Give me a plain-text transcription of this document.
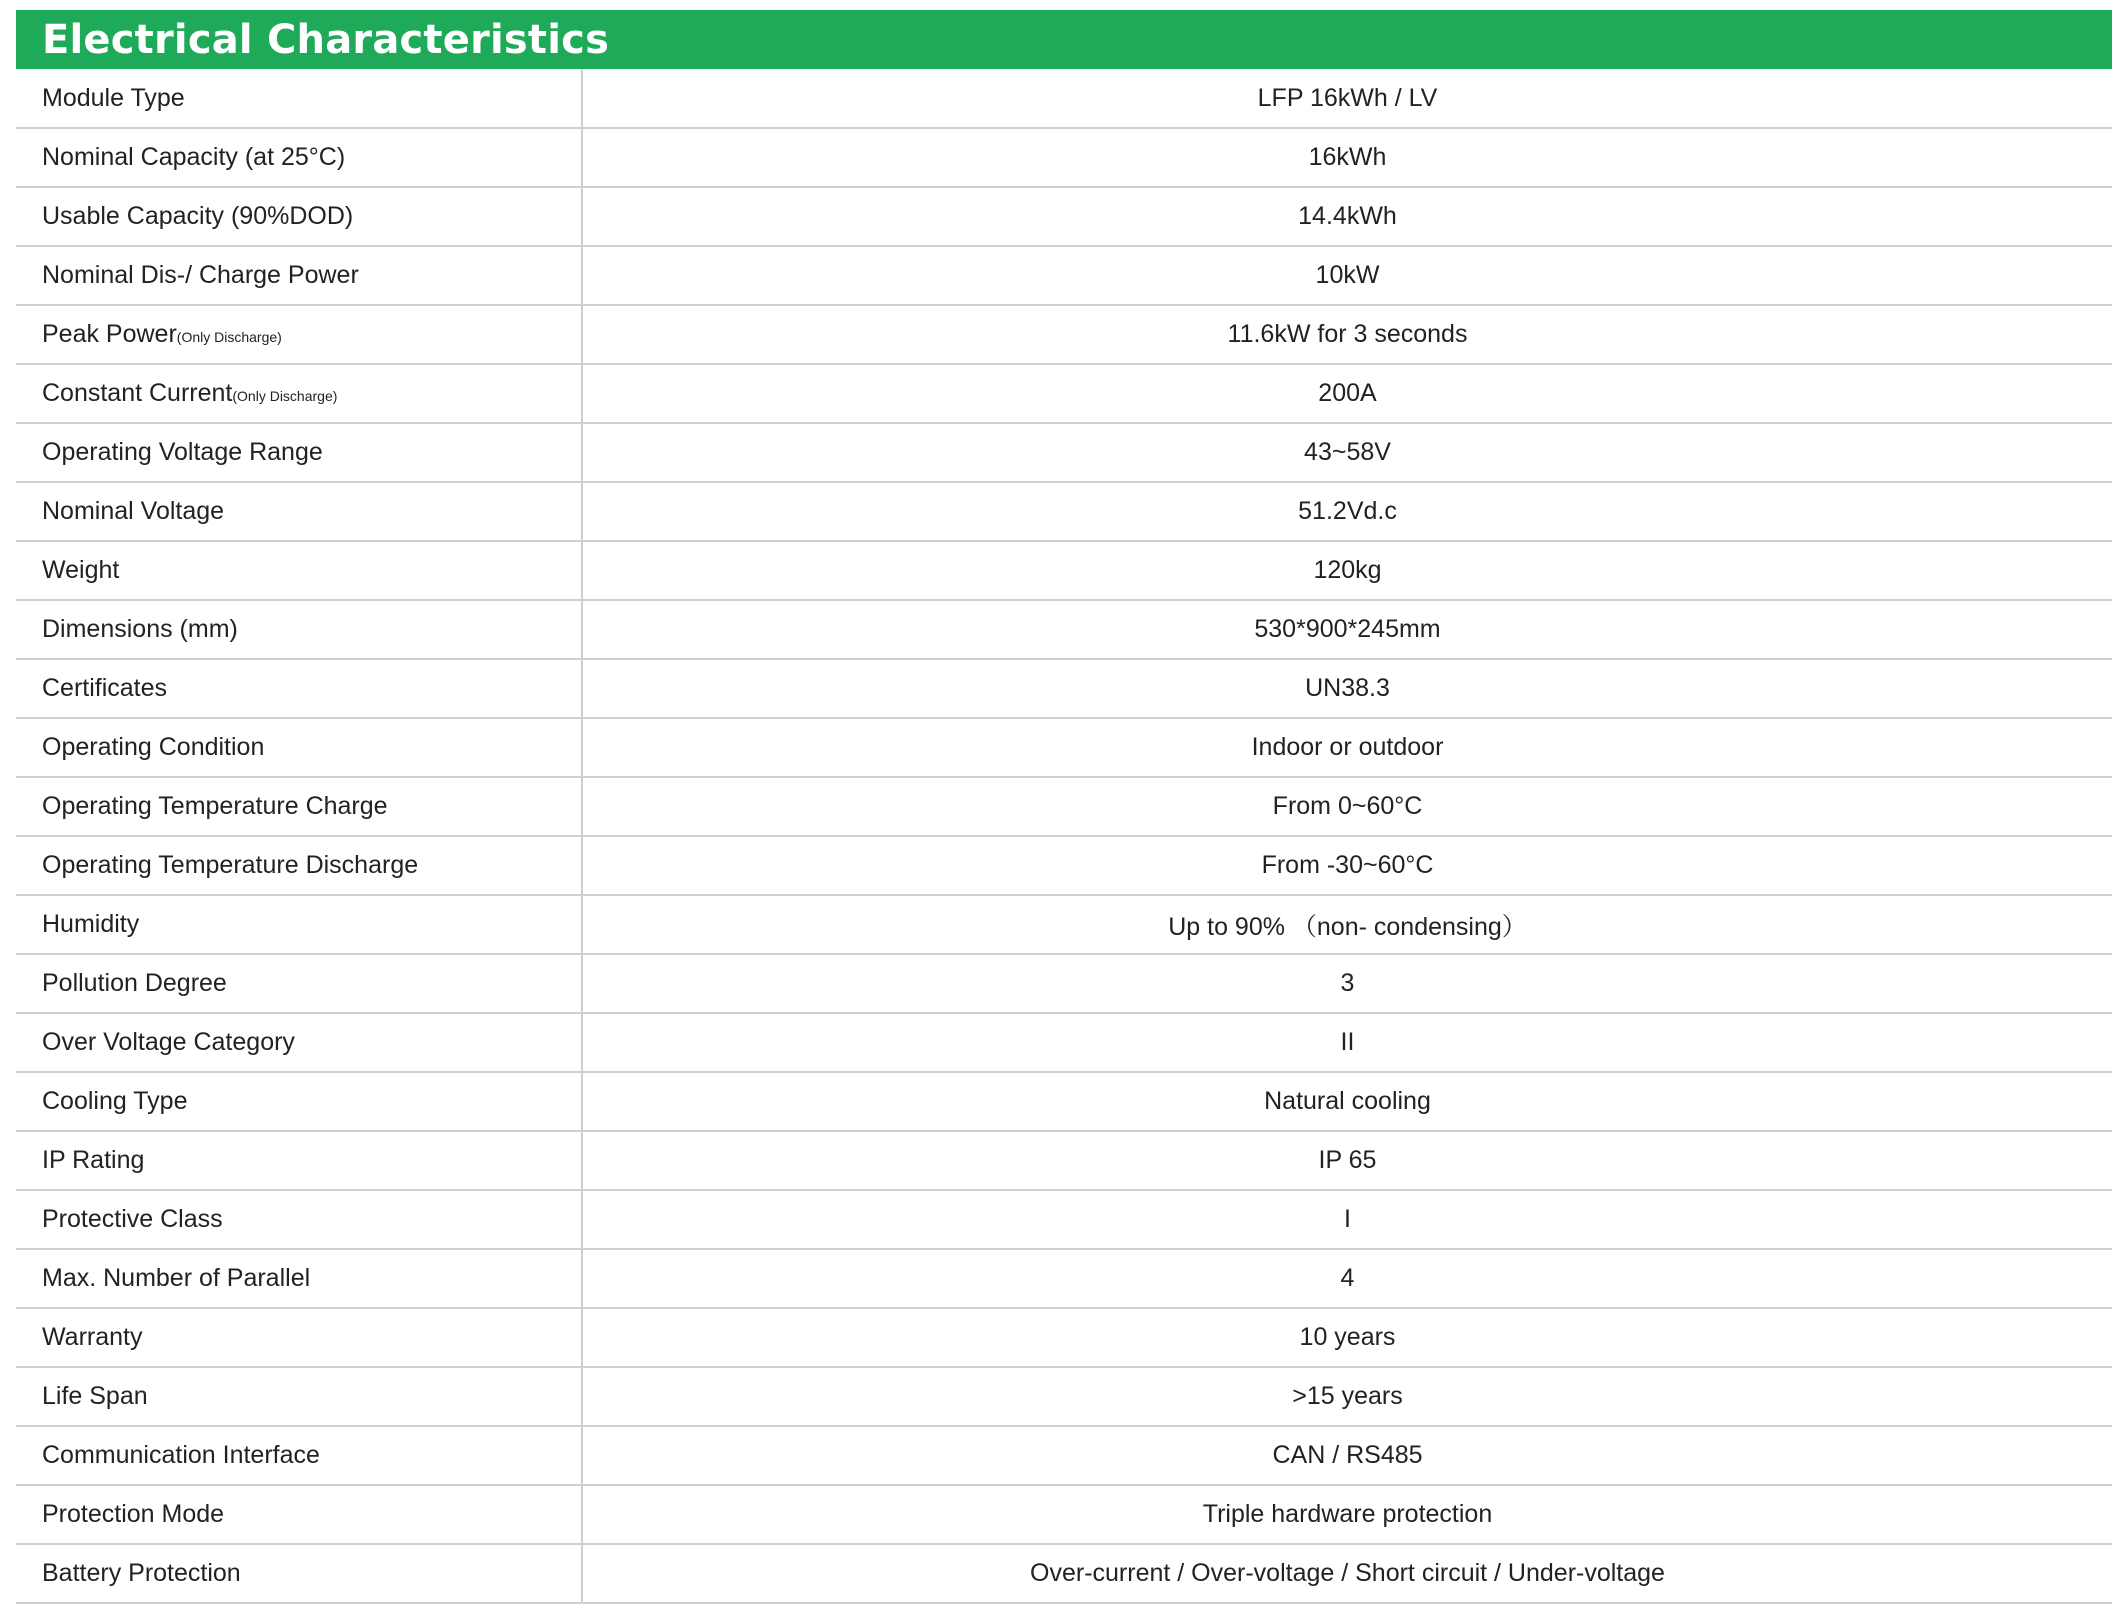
Electrical Characteristics
Module Type	LFP 16kWh / LV
Nominal Capacity (at 25°C)	16kWh
Usable Capacity (90%DOD)	14.4kWh
Nominal Dis-/ Charge Power	10kW
Peak Power(Only Discharge)	11.6kW for 3 seconds
Constant Current(Only Discharge)	200A
Operating Voltage Range	43~58V
Nominal Voltage	51.2Vd.c
Weight	120kg
Dimensions (mm)	530*900*245mm
Certificates	UN38.3
Operating Condition	Indoor or outdoor
Operating Temperature Charge	From 0~60°C
Operating Temperature Discharge	From -30~60°C
Humidity	Up to 90% （non- condensing）
Pollution Degree	3
Over Voltage Category	II
Cooling Type	Natural cooling
IP Rating	IP 65
Protective Class	I
Max. Number of Parallel	4
Warranty	10 years
Life Span	>15 years
Communication Interface	CAN / RS485
Protection Mode	Triple hardware protection
Battery Protection	Over-current / Over-voltage / Short circuit / Under-voltage
